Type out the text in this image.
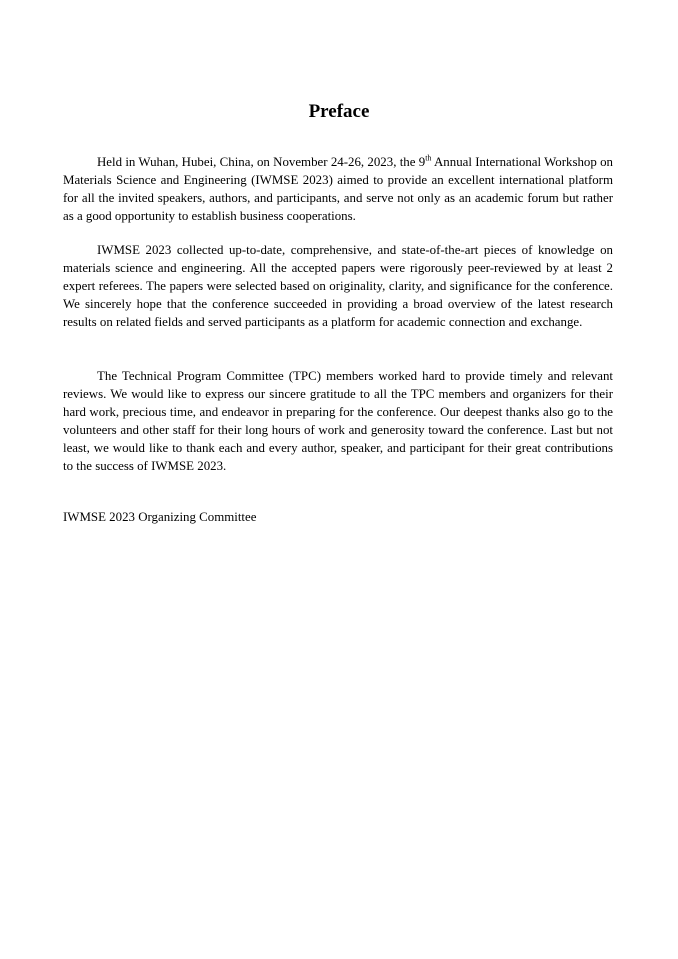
Preface

Held in Wuhan, Hubei, China, on November 24-26, 2023, the 9th Annual International Workshop on Materials Science and Engineering (IWMSE 2023) aimed to provide an excellent international platform for all the invited speakers, authors, and participants, and serve not only as an academic forum but rather as a good opportunity to establish business cooperations.

IWMSE 2023 collected up-to-date, comprehensive, and state-of-the-art pieces of knowledge on materials science and engineering. All the accepted papers were rigorously peer-reviewed by at least 2 expert referees. The papers were selected based on originality, clarity, and significance for the conference. We sincerely hope that the conference succeeded in providing a broad overview of the latest research results on related fields and served participants as a platform for academic connection and exchange.

The Technical Program Committee (TPC) members worked hard to provide timely and relevant reviews. We would like to express our sincere gratitude to all the TPC members and organizers for their hard work, precious time, and endeavor in preparing for the conference. Our deepest thanks also go to the volunteers and other staff for their long hours of work and generosity toward the conference. Last but not least, we would like to thank each and every author, speaker, and participant for their great contributions to the success of IWMSE 2023.

IWMSE 2023 Organizing Committee
